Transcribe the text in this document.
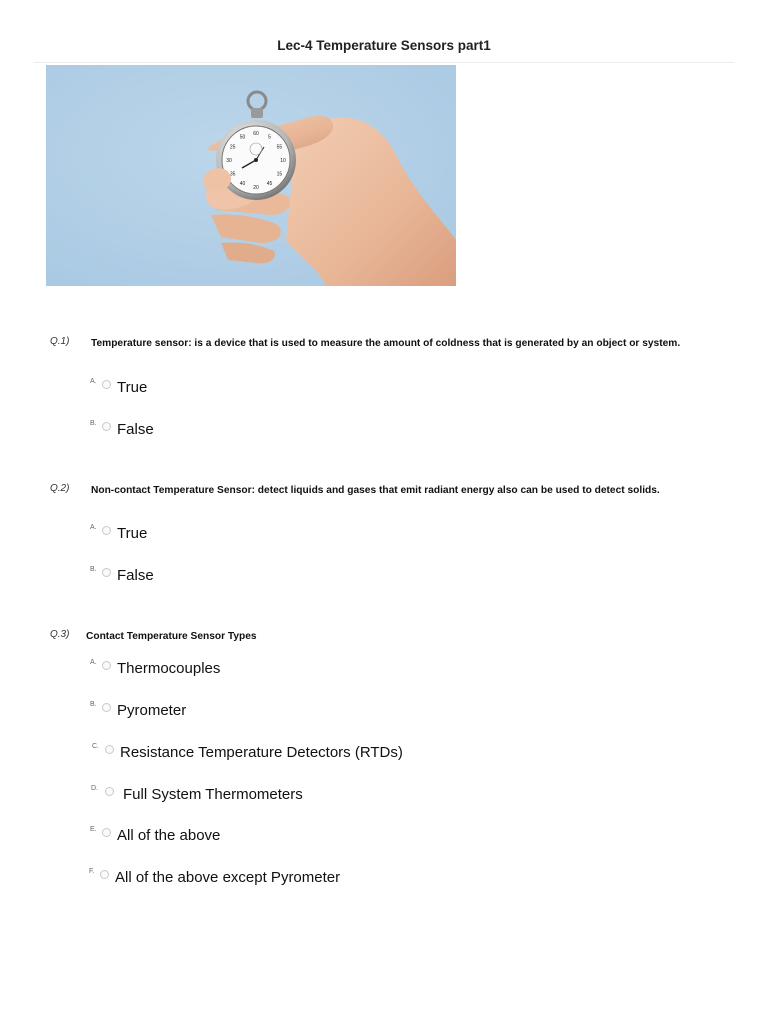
Lec-4 Temperature Sensors part1
60
5
55
10
15
45
20
40
35
30
25
50
Q.1) Temperature sensor: is a device that is used to measure the amount of coldness that is generated by an object or system.
A. True
B. False
Q.2) Non-contact Temperature Sensor: detect liquids and gases that emit radiant energy also can be used to detect solids.
A. True
B. False
Q.3) Contact Temperature Sensor Types
A. Thermocouples
B. Pyrometer
C. Resistance Temperature Detectors (RTDs)
D. Full System Thermometers
E. All of the above
F. All of the above except Pyrometer
